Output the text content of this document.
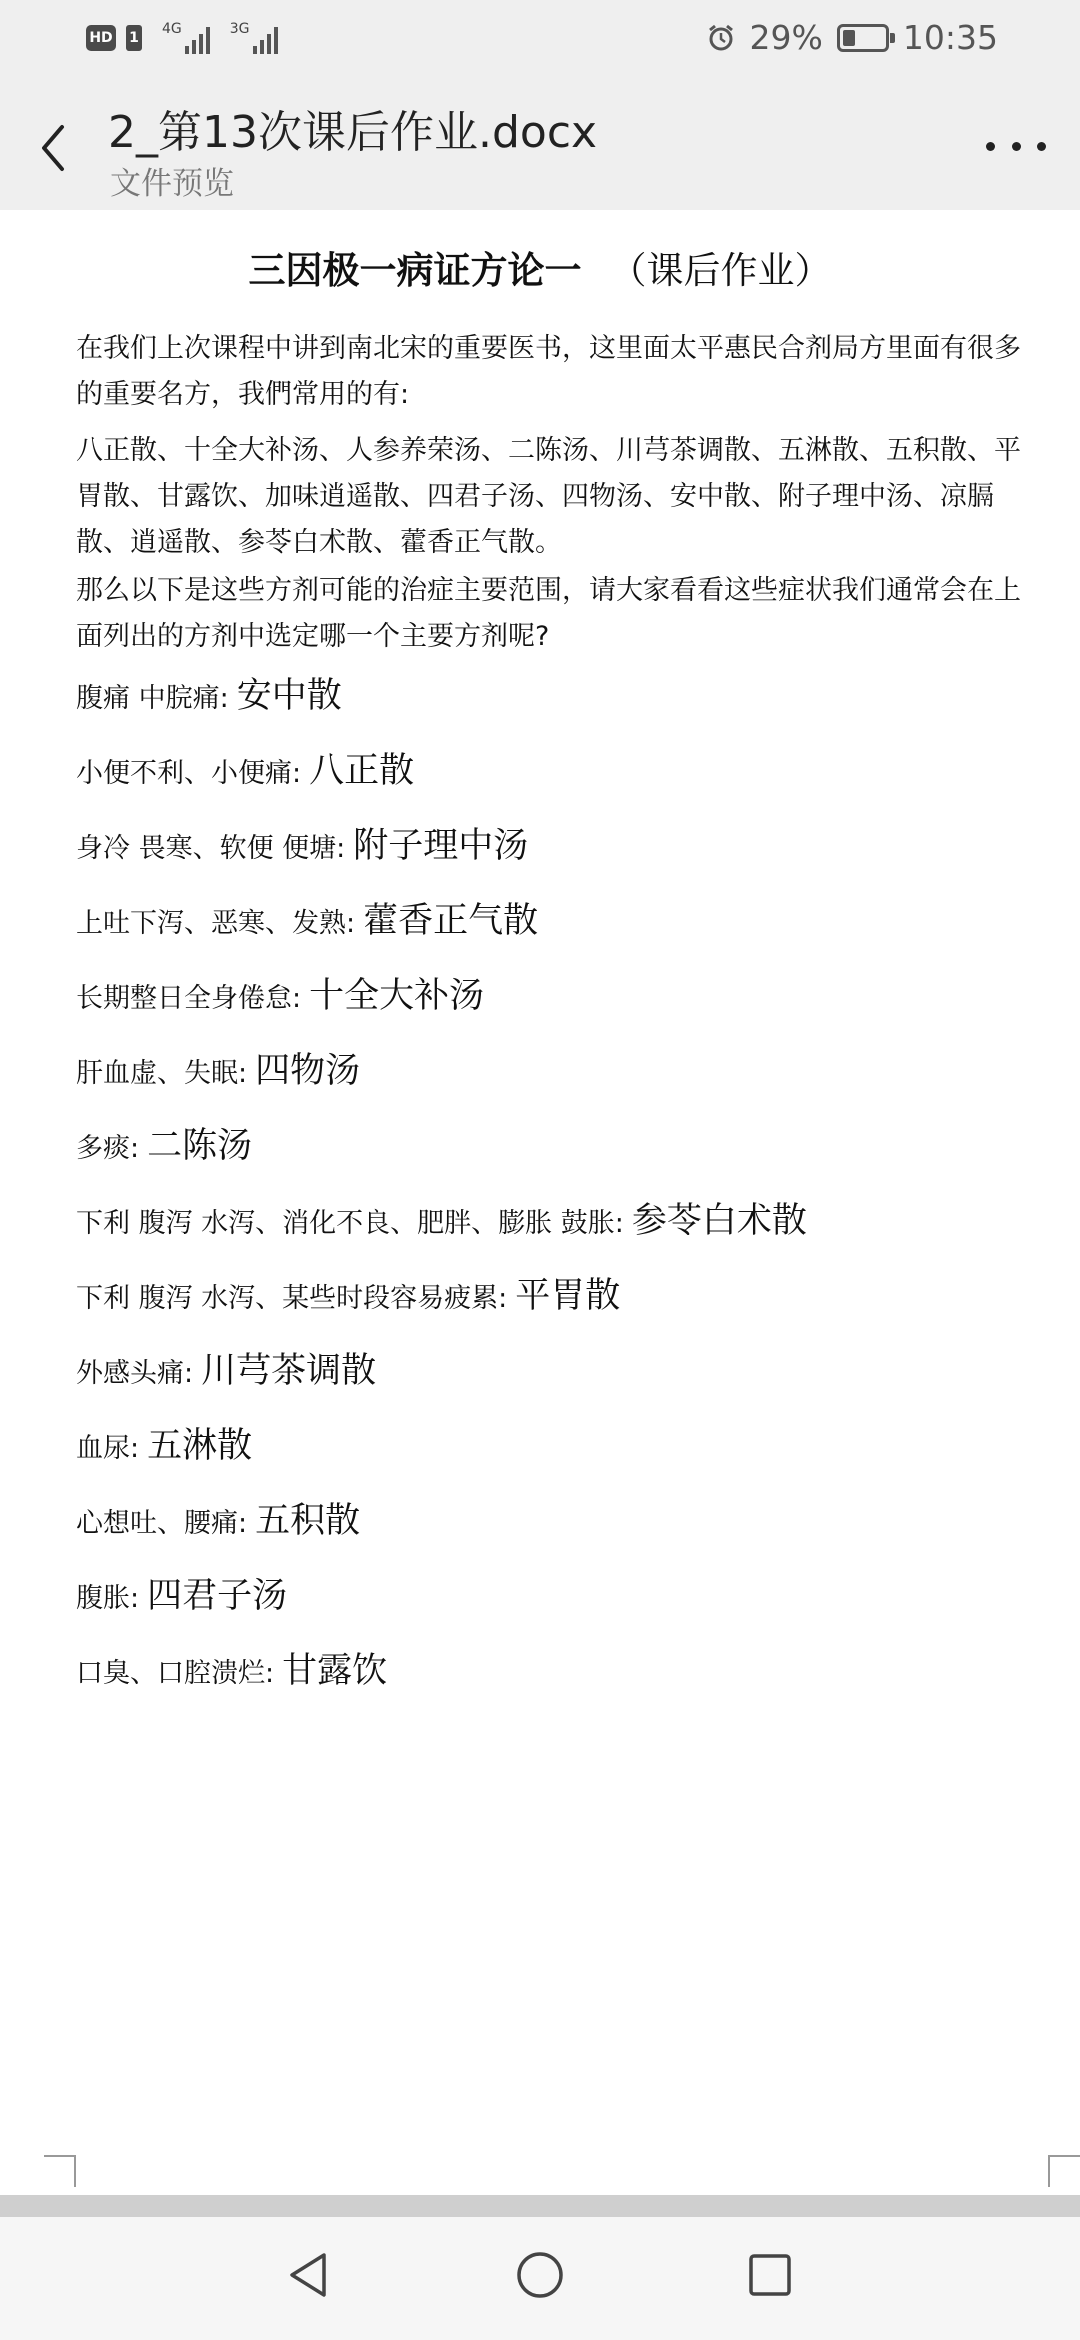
HD 1
4G	3G	29% 10:35
2_第13次课后作业.docx
文件预览
三因极一病证方论一 （课后作业）
在我们上次课程中讲到南北宋的重要医书，这里面太平惠民合剂局方里面有很多的重要名方，我們常用的有:
八正散、十全大补汤、人参养荣汤、二陈汤、川芎茶调散、五淋散、五积散、平胃散、甘露饮、加味逍遥散、四君子汤、四物汤、安中散、附子理中汤、凉膈散、逍遥散、参苓白术散、藿香正气散。
那么以下是这些方剂可能的治症主要范围，请大家看看这些症状我们通常会在上面列出的方剂中选定哪一个主要方剂呢?
腹痛 中脘痛: 安中散
小便不利、小便痛: 八正散
身冷 畏寒、软便 便塘: 附子理中汤
上吐下泻、恶寒、发熟: 藿香正气散
长期整日全身倦怠: 十全大补汤
肝血虚、失眠: 四物汤
多痰: 二陈汤
下利 腹泻 水泻、消化不良、肥胖、膨胀 鼓胀: 参苓白术散
下利 腹泻 水泻、某些时段容易疲累: 平胃散
外感头痛: 川芎茶调散
血尿: 五淋散
心想吐、腰痛: 五积散
腹胀: 四君子汤
口臭、口腔溃烂: 甘露饮
